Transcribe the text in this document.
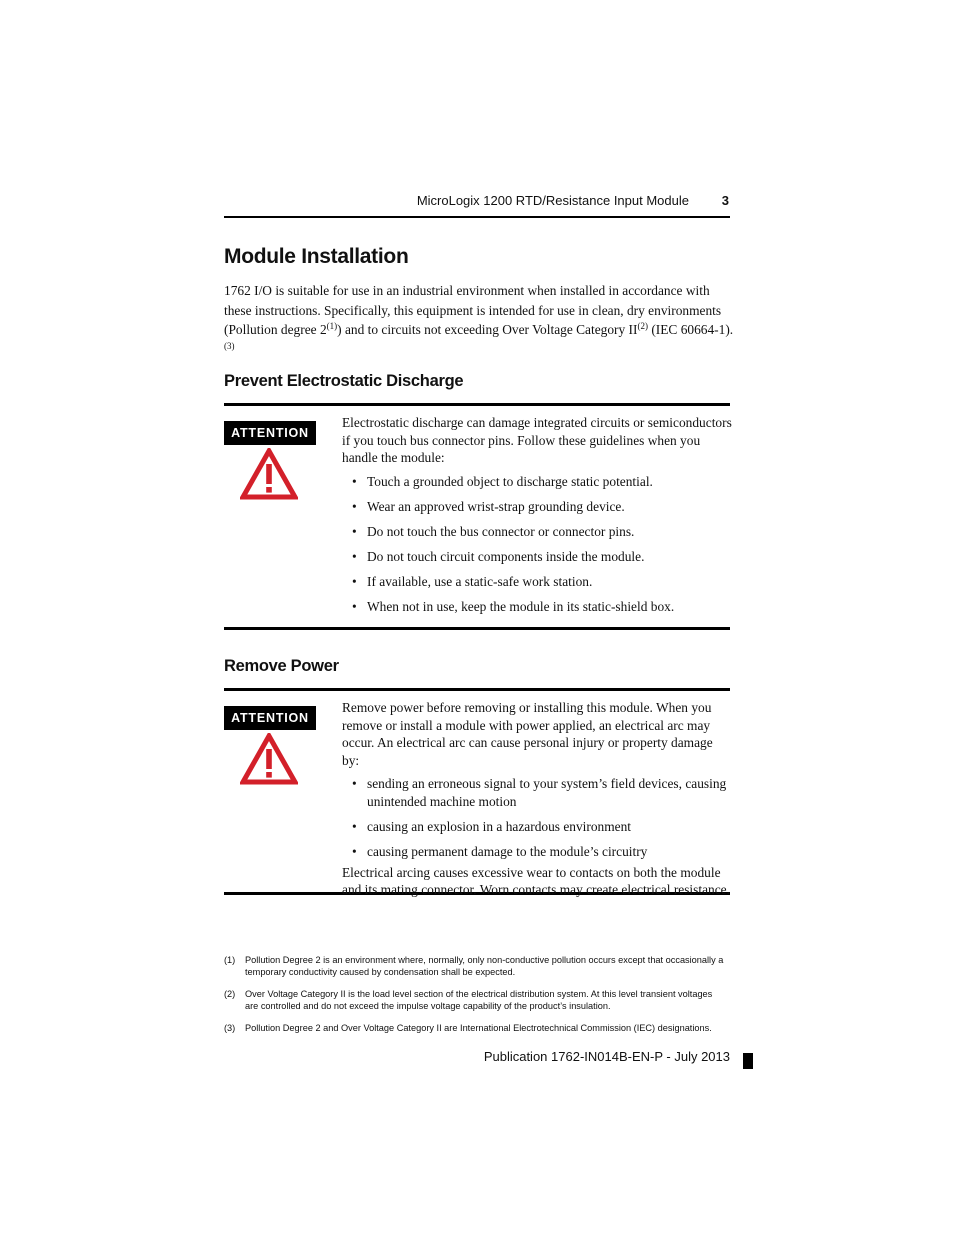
MicroLogix 1200 RTD/Resistance Input Module	3
Module Installation

1762 I/O is suitable for use in an industrial environment when installed in accordance with these instructions. Specifically, this equipment is intended for use in clean, dry environments (Pollution degree 2$^{(1)}$) and to circuits not exceeding Over Voltage Category II$^{(2)}$ (IEC 60664-1).$^{(3)}$

Prevent Electrostatic Discharge
ATTENTION

Electrostatic discharge can damage integrated circuits or semiconductors if you touch bus connector pins. Follow these guidelines when you handle the module:

• Touch a grounded object to discharge static potential.
• Wear an approved wrist-strap grounding device.
• Do not touch the bus connector or connector pins.
• Do not touch circuit components inside the module.
• If available, use a static-safe work station.
• When not in use, keep the module in its static-shield box.
Remove Power
ATTENTION

Remove power before removing or installing this module. When you remove or install a module with power applied, an electrical arc may occur. An electrical arc can cause personal injury or property damage by:

• sending an erroneous signal to your system’s field devices, causing unintended machine motion
• causing an explosion in a hazardous environment
• causing permanent damage to the module’s circuitry

Electrical arcing causes excessive wear to contacts on both the module and its mating connector. Worn contacts may create electrical resistance.

(1) Pollution Degree 2 is an environment where, normally, only non-conductive pollution occurs except that occasionally a temporary conductivity caused by condensation shall be expected.
(2) Over Voltage Category II is the load level section of the electrical distribution system. At this level transient voltages are controlled and do not exceed the impulse voltage capability of the product’s insulation.
(3) Pollution Degree 2 and Over Voltage Category II are International Electrotechnical Commission (IEC) designations.
Publication 1762-IN014B-EN-P - July 2013
